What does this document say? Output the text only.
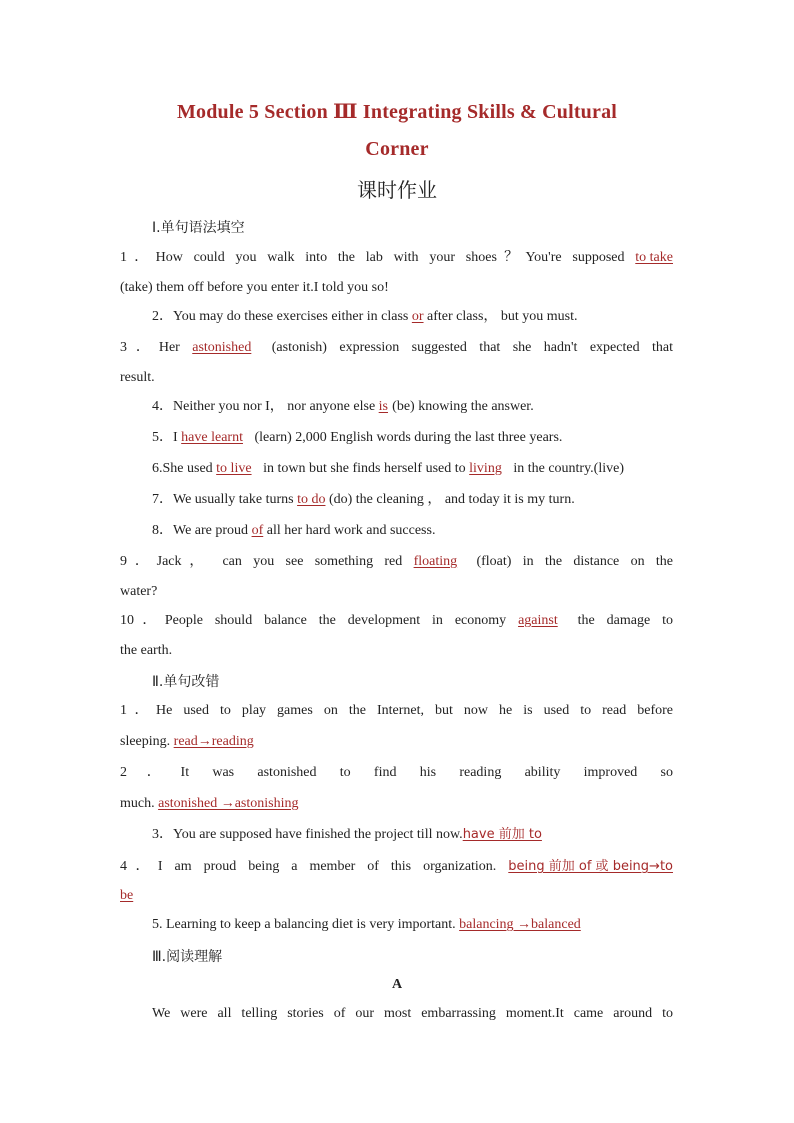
Module 5 Section Ⅲ Integrating Skills & Cultural
Corner
课时作业
Ⅰ.单句语法填空
1．How could you walk into the lab with your shoes？You're supposed to take
(take) them off before you enter it.I told you so!
2．You may do these exercises either in class or after class， but you must.
3．Her astonished (astonish) expression suggested that she hadn't expected that
result.
4．Neither you nor I， nor anyone else is (be) knowing the answer.
5．I have learnt (learn) 2,000 English words during the last three years.
6.She used to live in town but she finds herself used to living in the country.(live)
7．We usually take turns to do (do) the cleaning ， and today it is my turn.
8．We are proud of all her hard work and success.
9．Jack， can you see something red floating (float) in the distance on the
water?
10．People should balance the development in economy against the damage to
the earth.
Ⅱ.单句改错
1．He used to play games on the Internet, but now he is used to read before
sleeping. read→reading
2．It was astonished to find his reading ability improved so
much. astonished →astonishing
3．You are supposed have finished the project till now.have 前加 to
4．I am proud being a member of this organization. being 前加 of 或 being→to
be
5. Learning to keep a balancing diet is very important. balancing →balanced
Ⅲ.阅读理解
A
We were all telling stories of our most embarrassing moment.It came around to
